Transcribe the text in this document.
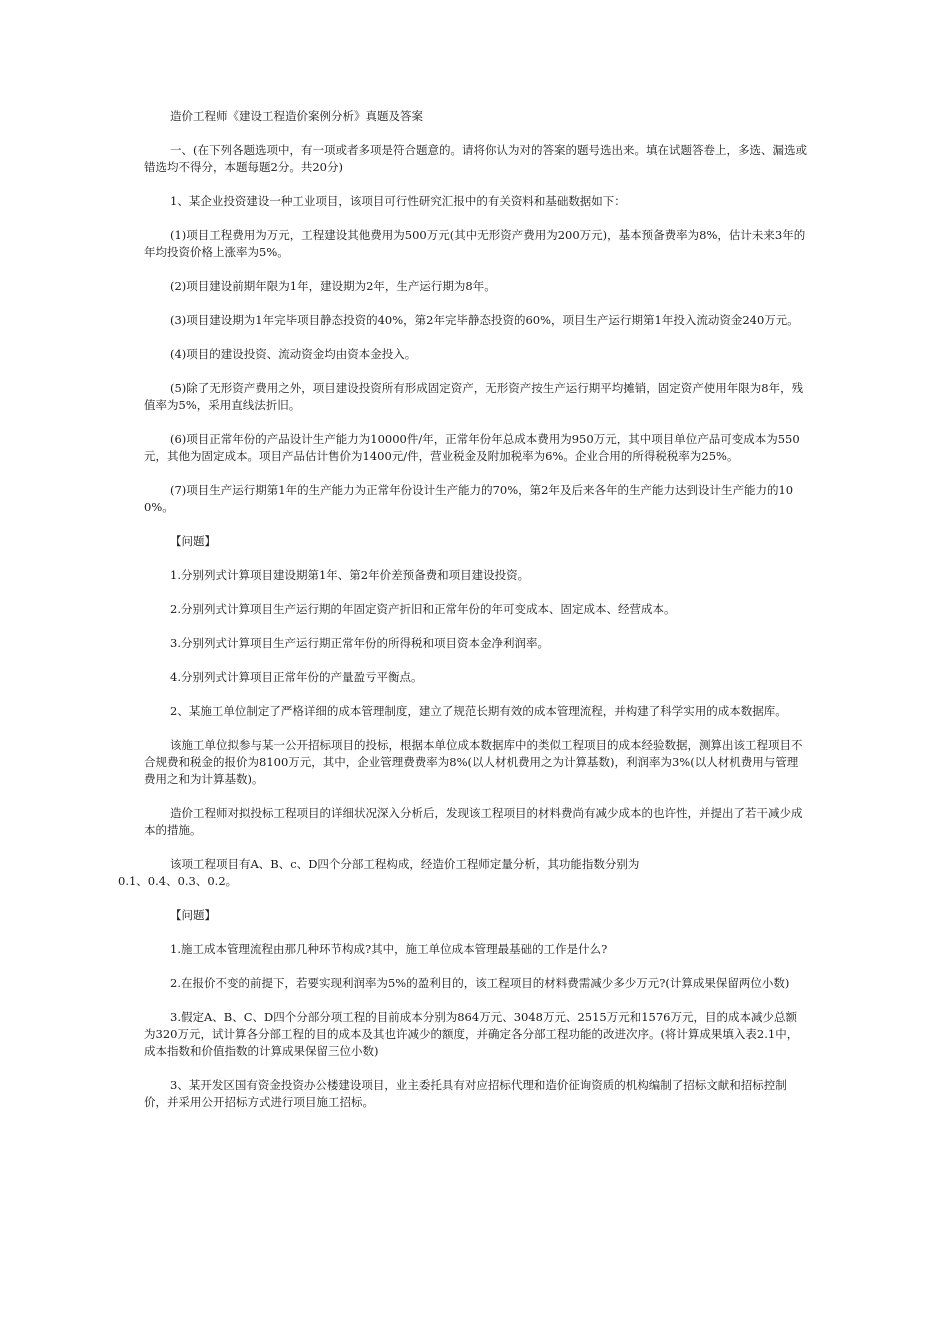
造价工程师《建设工程造价案例分析》真题及答案

一、(在下列各题选项中，有一项或者多项是符合题意的。请将你认为对的答案的题号选出来。填在试题答卷上，多选、漏选或错选均不得分，本题每题2分。共20分)

1、某企业投资建设一种工业项目，该项目可行性研究汇报中的有关资料和基础数据如下：

(1)项目工程费用为万元，工程建设其他费用为500万元(其中无形资产费用为200万元)，基本预备费率为8%，估计未来3年的年均投资价格上涨率为5%。

(2)项目建设前期年限为1年，建设期为2年，生产运行期为8年。

(3)项目建设期为1年完毕项目静态投资的40%，第2年完毕静态投资的60%，项目生产运行期第1年投入流动资金240万元。

(4)项目的建设投资、流动资金均由资本金投入。

(5)除了无形资产费用之外，项目建设投资所有形成固定资产，无形资产按生产运行期平均摊销，固定资产使用年限为8年，残值率为5%，采用直线法折旧。

(6)项目正常年份的产品设计生产能力为10000件/年，正常年份年总成本费用为950万元，其中项目单位产品可变成本为550元，其他为固定成本。项目产品估计售价为1400元/件，营业税金及附加税率为6%。企业合用的所得税税率为25%。

(7)项目生产运行期第1年的生产能力为正常年份设计生产能力的70%，第2年及后来各年的生产能力达到设计生产能力的100%。

【问题】

1.分别列式计算项目建设期第1年、第2年价差预备费和项目建设投资。

2.分别列式计算项目生产运行期的年固定资产折旧和正常年份的年可变成本、固定成本、经营成本。

3.分别列式计算项目生产运行期正常年份的所得税和项目资本金净利润率。

4.分别列式计算项目正常年份的产量盈亏平衡点。

2、某施工单位制定了严格详细的成本管理制度，建立了规范长期有效的成本管理流程，并构建了科学实用的成本数据库。

该施工单位拟参与某一公开招标项目的投标，根据本单位成本数据库中的类似工程项目的成本经验数据，测算出该工程项目不合规费和税金的报价为8100万元，其中，企业管理费费率为8%(以人材机费用之为计算基数)，利润率为3%(以人材机费用与管理费用之和为计算基数)。

造价工程师对拟投标工程项目的详细状况深入分析后，发现该工程项目的材料费尚有减少成本的也许性，并提出了若干减少成本的措施。

该项工程项目有A、B、c、D四个分部工程构成，经造价工程师定量分析，其功能指数分别为
0.1、0.4、0.3、0.2。

【问题】

1.施工成本管理流程由那几种环节构成?其中，施工单位成本管理最基础的工作是什么?

2.在报价不变的前提下，若要实现利润率为5%的盈利目的，该工程项目的材料费需减少多少万元?(计算成果保留两位小数)

3.假定A、B、C、D四个分部分项工程的目前成本分别为864万元、3048万元、2515万元和1576万元，目的成本减少总额为320万元，试计算各分部工程的目的成本及其也许减少的额度，并确定各分部工程功能的改进次序。(将计算成果填入表2.1中，成本指数和价值指数的计算成果保留三位小数)

3、某开发区国有资金投资办公楼建设项目，业主委托具有对应招标代理和造价征询资质的机构编制了招标文献和招标控制价，并采用公开招标方式进行项目施工招标。
